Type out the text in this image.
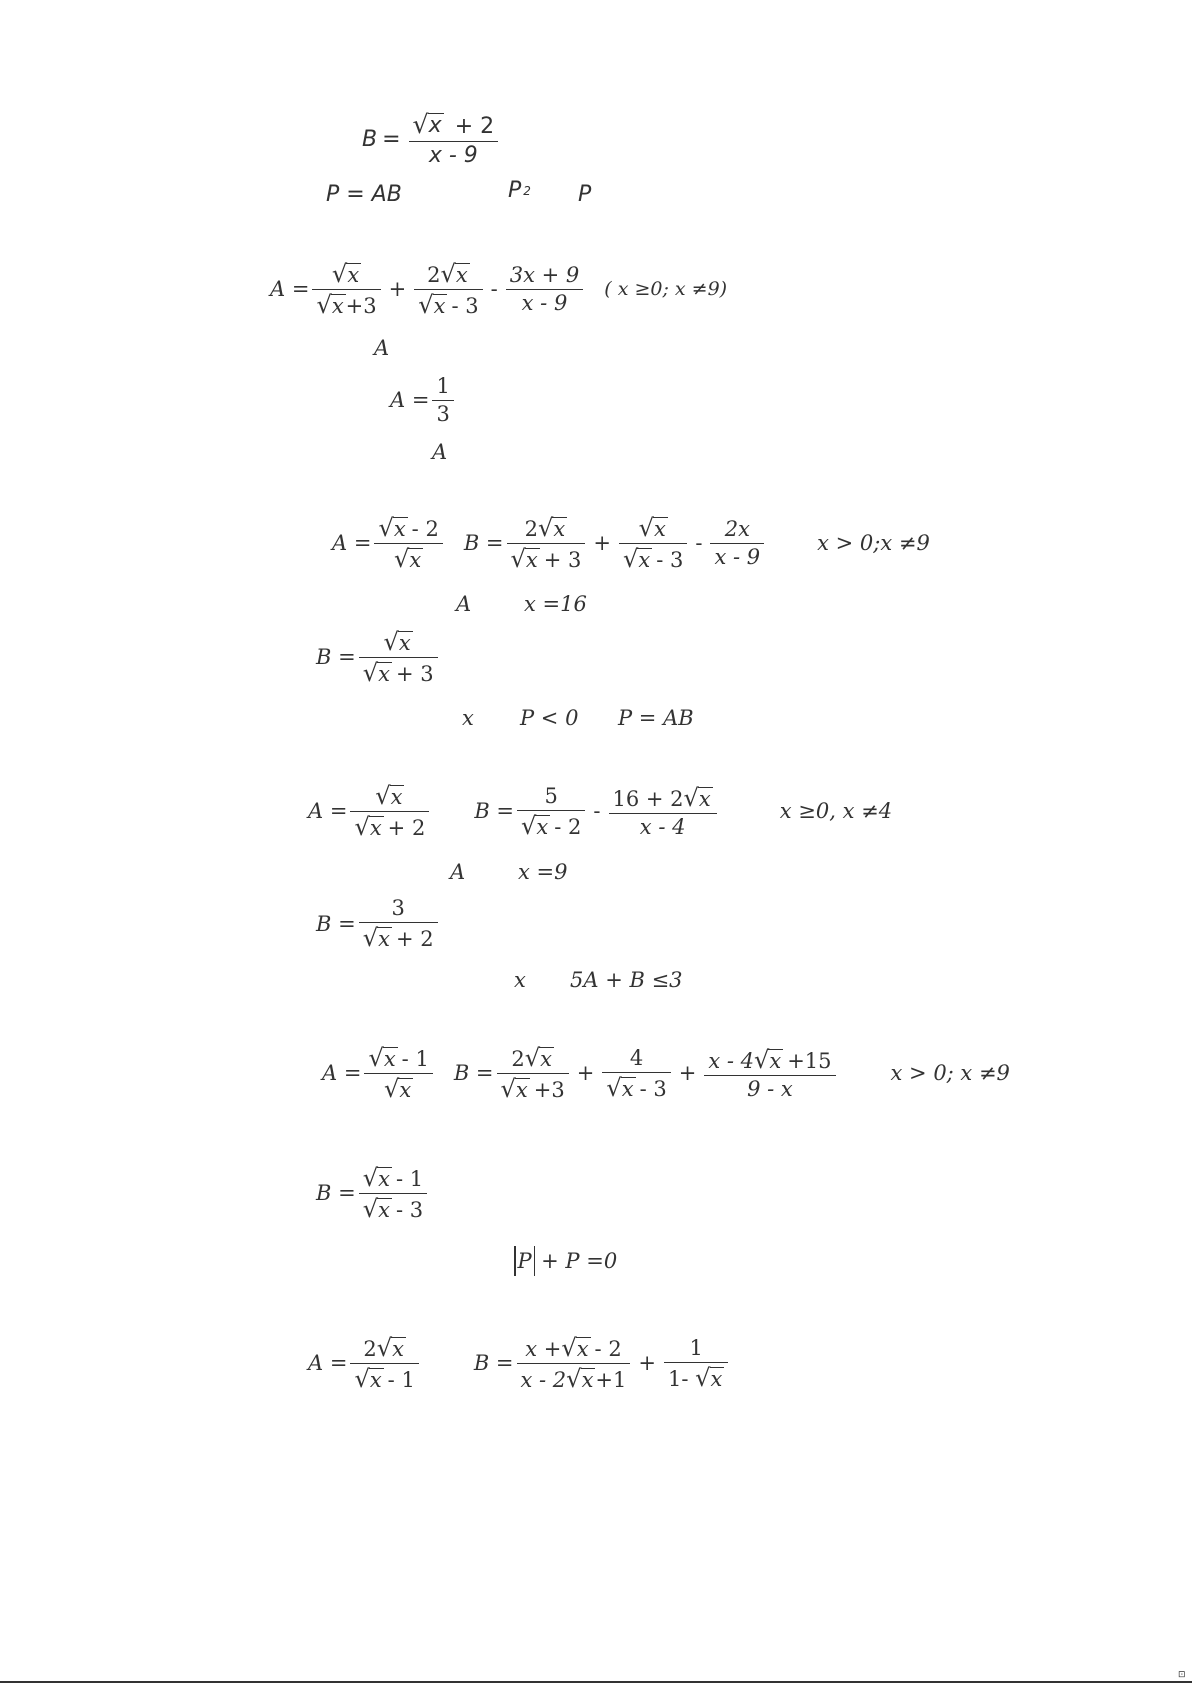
$B = \frac{√ x + 2}{x - 9}$
P = AB	P 2 P
$A = \frac{√ x}{√ x +3} + \frac{2 √ x}{√ x - 3} - \frac{3x + 9}{x - 9}$ ( x ≥0; x ≠9)
A
$A = \frac{1}{3}$
A
$A = \frac{√ x - 2}{√ x}$ $B = \frac{2 √ x}{√ x + 3} + \frac{√ x}{√ x - 3} - \frac{2x}{x - 9}$	x > 0;x ≠9
A	x =16
$B = \frac{√ x}{√ x + 3}$
x P < 0 P = AB
$A = \frac{√ x}{√ x + 2}$ $B = \frac{5}{√ x - 2} - \frac{16 + 2 √ x}{x - 4}$	x ≥0, x ≠4
A	x =9
$B = \frac{3}{√ x + 2}$
x 5A + B ≤3
$A = \frac{√ x - 1}{√ x}$ $B = \frac{2 √ x}{√ x +3} + \frac{4}{√ x - 3} + \frac{x - 4 √ x +15}{9 - x}$	x > 0; x ≠9
$B = \frac{√ x - 1}{√ x - 3}$
P + P =0
$A = \frac{2 √ x}{√ x - 1}$	$B = \frac{x + √ x - 2}{x - 2 √ x +1} + \frac{1}{1- √ x}$
⊡
